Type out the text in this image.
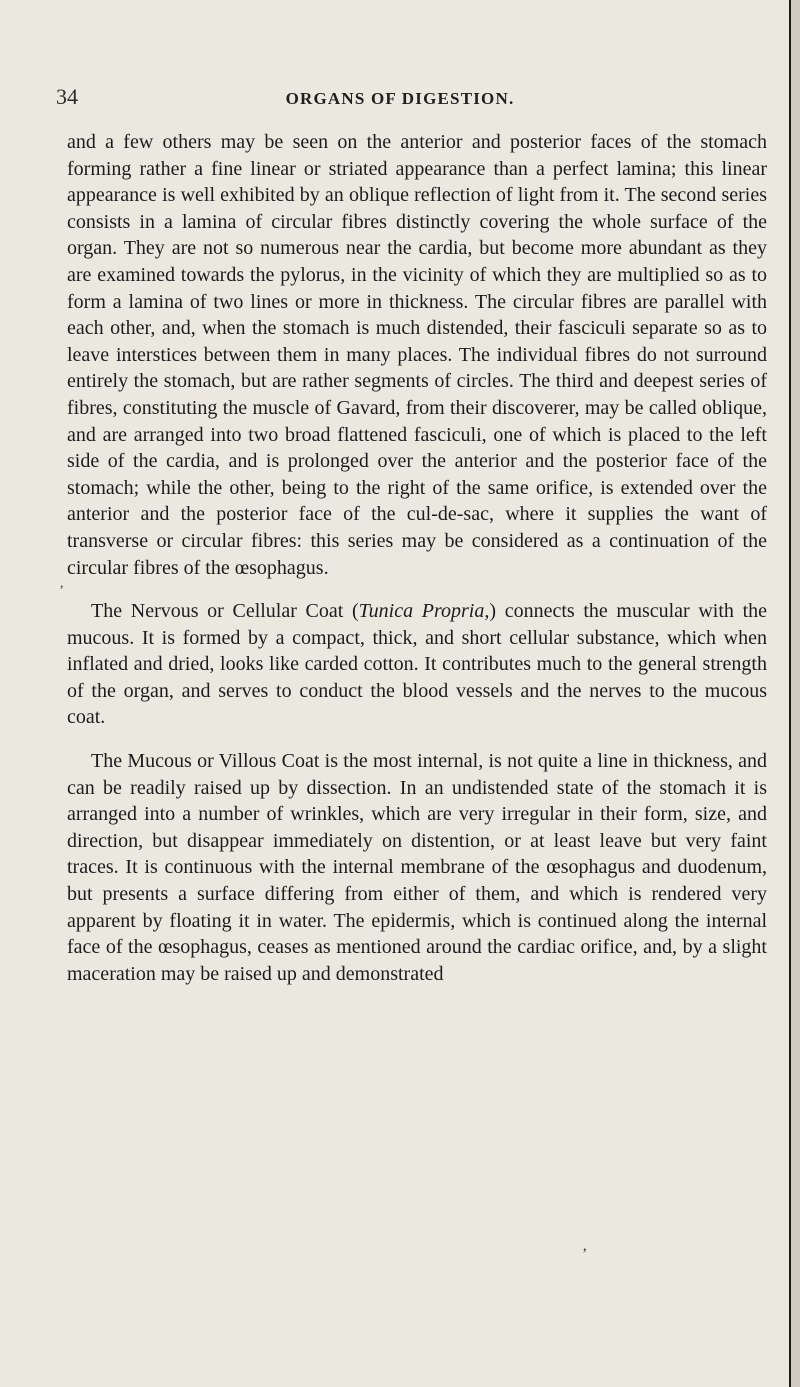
34	ORGANS OF DIGESTION.
,

and a few others may be seen on the anterior and posterior faces of the stomach forming rather a fine linear or striated appearance than a perfect lamina; this linear appearance is well exhibited by an oblique reflection of light from it. The second series consists in a lamina of circular fibres distinctly covering the whole surface of the organ. They are not so numerous near the cardia, but become more abundant as they are examined towards the pylorus, in the vicinity of which they are multiplied so as to form a lamina of two lines or more in thickness. The circular fibres are parallel with each other, and, when the stomach is much distended, their fasciculi separate so as to leave interstices between them in many places. The individual fibres do not surround entirely the stomach, but are rather segments of circles. The third and deepest series of fibres, constituting the muscle of Gavard, from their discoverer, may be called oblique, and are arranged into two broad flattened fasciculi, one of which is placed to the left side of the cardia, and is prolonged over the anterior and the posterior face of the stomach; while the other, being to the right of the same orifice, is extended over the anterior and the posterior face of the cul-de-sac, where it supplies the want of transverse or circular fibres: this series may be considered as a continuation of the circular fibres of the œsophagus.

The Nervous or Cellular Coat (Tunica Propria,) connects the muscular with the mucous. It is formed by a compact, thick, and short cellular substance, which when inflated and dried, looks like carded cotton. It contributes much to the general strength of the organ, and serves to conduct the blood vessels and the nerves to the mucous coat.

The Mucous or Villous Coat is the most internal, is not quite a line in thickness, and can be readily raised up by dissection. In an undistended state of the stomach it is arranged into a number of wrinkles, which are very irregular in their form, size, and direction, but disappear immediately on distention, or at least leave but very faint traces. It is continuous with the internal membrane of the œsophagus and duodenum, but presents a surface differing from either of them, and which is rendered very apparent by floating it in water. The epidermis, which is continued along the internal face of the œsophagus, ceases as mentioned around the cardiac orifice, and, by a slight maceration may be raised up and demonstrated

’
